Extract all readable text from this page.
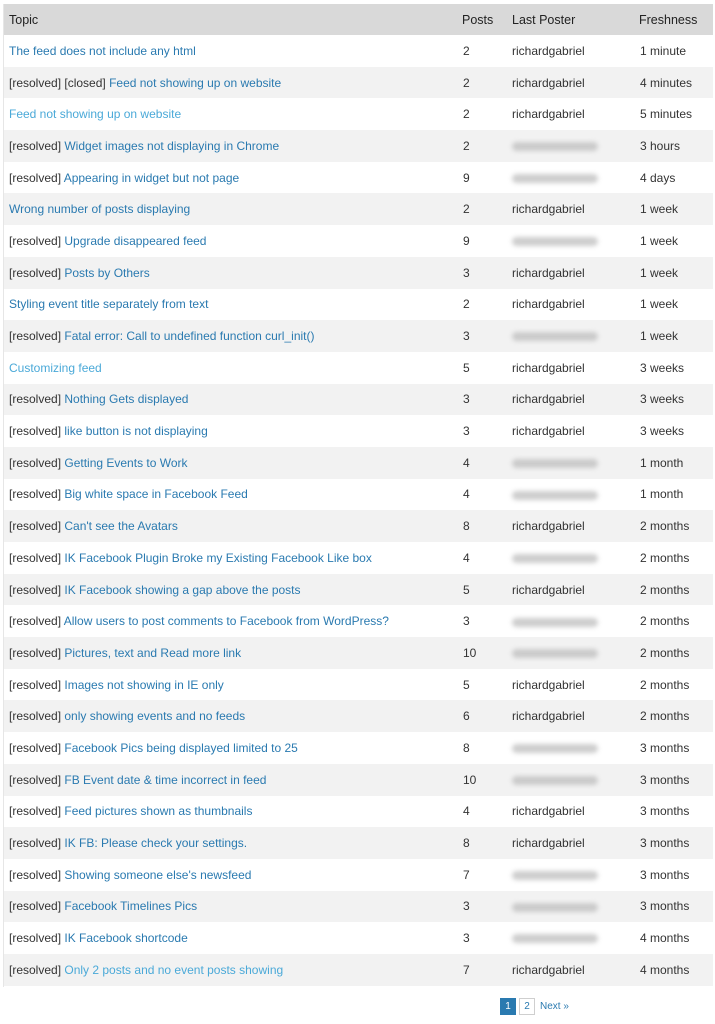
Topic	Posts	Last Poster	Freshness
The feed does not include any html	2	richardgabriel	1 minute
[resolved] [closed] Feed not showing up on website	2	richardgabriel	4 minutes
Feed not showing up on website	2	richardgabriel	5 minutes
[resolved] Widget images not displaying in Chrome	2		3 hours
[resolved] Appearing in widget but not page	9		4 days
Wrong number of posts displaying	2	richardgabriel	1 week
[resolved] Upgrade disappeared feed	9		1 week
[resolved] Posts by Others	3	richardgabriel	1 week
Styling event title separately from text	2	richardgabriel	1 week
[resolved] Fatal error: Call to undefined function curl_init()	3		1 week
Customizing feed	5	richardgabriel	3 weeks
[resolved] Nothing Gets displayed	3	richardgabriel	3 weeks
[resolved] like button is not displaying	3	richardgabriel	3 weeks
[resolved] Getting Events to Work	4		1 month
[resolved] Big white space in Facebook Feed	4		1 month
[resolved] Can't see the Avatars	8	richardgabriel	2 months
[resolved] IK Facebook Plugin Broke my Existing Facebook Like box	4		2 months
[resolved] IK Facebook showing a gap above the posts	5	richardgabriel	2 months
[resolved] Allow users to post comments to Facebook from WordPress?	3		2 months
[resolved] Pictures, text and Read more link	10		2 months
[resolved] Images not showing in IE only	5	richardgabriel	2 months
[resolved] only showing events and no feeds	6	richardgabriel	2 months
[resolved] Facebook Pics being displayed limited to 25	8		3 months
[resolved] FB Event date & time incorrect in feed	10		3 months
[resolved] Feed pictures shown as thumbnails	4	richardgabriel	3 months
[resolved] IK FB: Please check your settings.	8	richardgabriel	3 months
[resolved] Showing someone else's newsfeed	7		3 months
[resolved] Facebook Timelines Pics	3		3 months
[resolved] IK Facebook shortcode	3		4 months
[resolved] Only 2 posts and no event posts showing	7	richardgabriel	4 months
1	2	Next »
